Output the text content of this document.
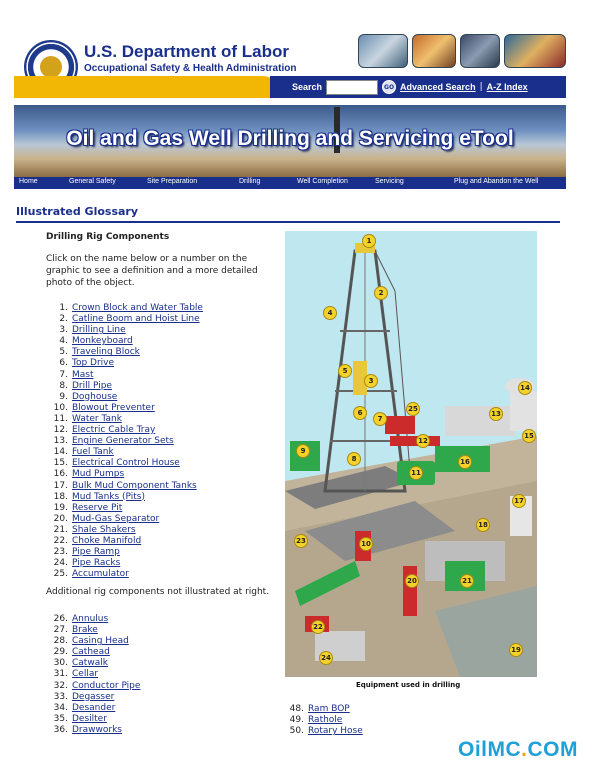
U.S. Department of Labor
Occupational Safety & Health Administration
Search	GO Advanced Search | A-Z Index
Oil and Gas Well Drilling and Servicing eTool
Home	General Safety	Site Preparation	Drilling	Well Completion	Servicing	Plug and Abandon the Well
Illustrated Glossary
Drilling Rig Components
Click on the name below or a number on the graphic to see a definition and a more detailed photo of the object.
1. Crown Block and Water Table
2. Catline Boom and Hoist Line
3. Drilling Line
4. Monkeyboard
5. Traveling Block
6. Top Drive
7. Mast
8. Drill Pipe
9. Doghouse
10. Blowout Preventer
11. Water Tank
12. Electric Cable Tray
13. Engine Generator Sets
14. Fuel Tank
15. Electrical Control House
16. Mud Pumps
17. Bulk Mud Component Tanks
18. Mud Tanks (Pits)
19. Reserve Pit
20. Mud-Gas Separator
21. Shale Shakers
22. Choke Manifold
23. Pipe Ramp
24. Pipe Racks
25. Accumulator
Additional rig components not illustrated at right.
26. Annulus
27. Brake
28. Casing Head
29. Cathead
30. Catwalk
31. Cellar
32. Conductor Pipe
33. Degasser
34. Desander
35. Desilter
36. Drawworks
48. Ram BOP
49. Rathole
50. Rotary Hose
1
2
3
4
5
6
7
8
9
10
11
12
13
14
15
16
17
18
19
20	21
22
23
24
25
Equipment used in drilling
OilMC.COM
